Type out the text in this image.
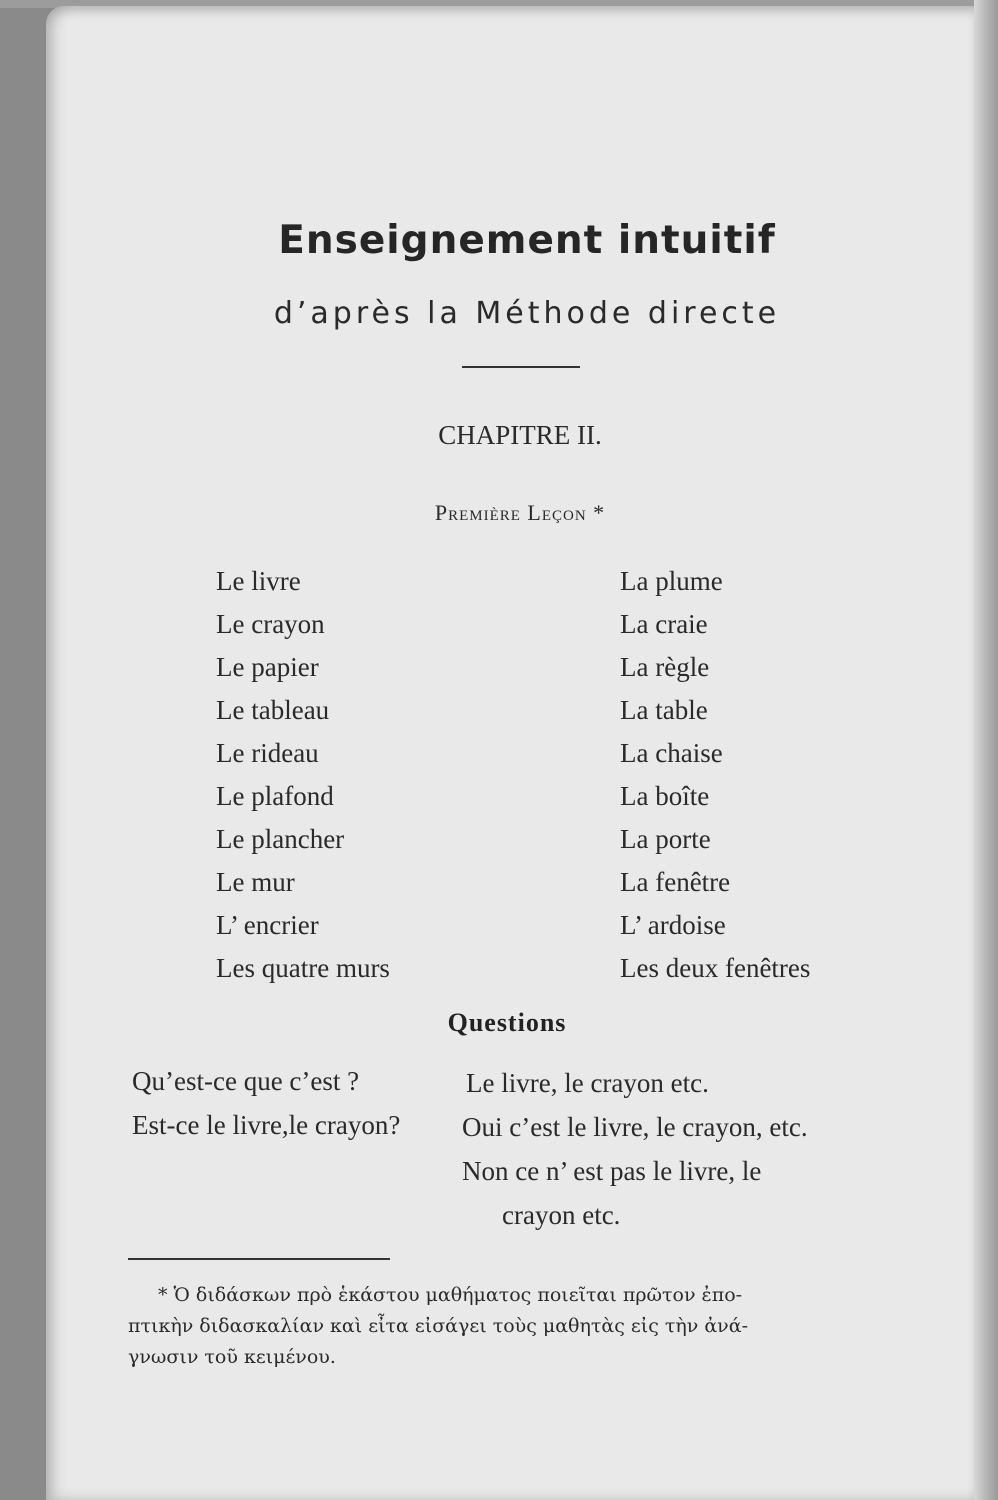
Enseignement intuitif
d’après la Méthode directe
CHAPITRE II.
Première Leçon *
Le livre
Le crayon
Le papier
Le tableau
Le rideau
Le plafond
Le plancher
Le mur
L’ encrier
Les quatre murs
La plume
La craie
La règle
La table
La chaise
La boîte
La porte
La fenêtre
L’ ardoise
Les deux fenêtres
Questions
Qu’est-ce que c’est ?	Le livre, le crayon etc.
Est-ce le livre,le crayon? Oui c’est le livre, le crayon, etc.
Non ce n’ est pas le livre, le
crayon etc.
* Ὁ διδάσκων πρὸ ἑκάστου μαθήματος ποιεῖται πρῶτον ἐπο-
πτικὴν διδασκαλίαν καὶ εἶτα εἰσάγει τοὺς μαθητὰς εἰς τὴν ἀνά-
γνωσιν τοῦ κειμένου.
